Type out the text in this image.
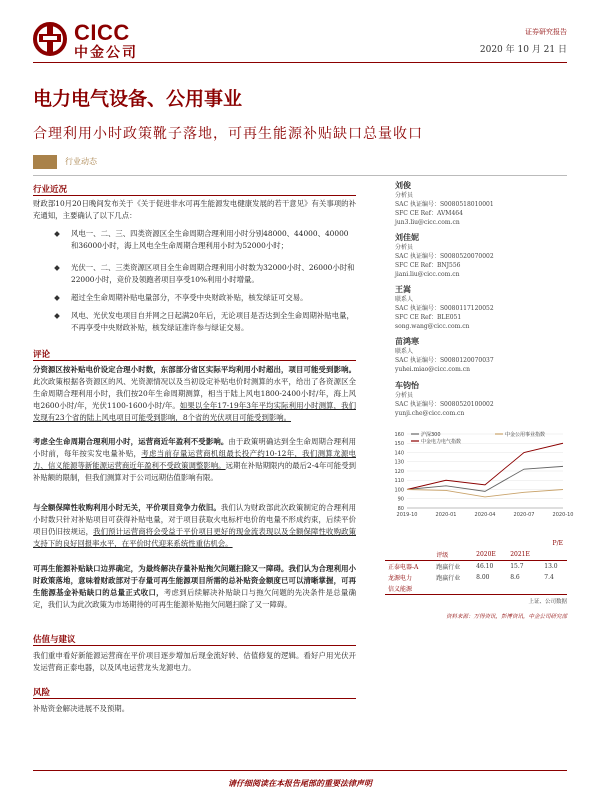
CICC
中金公司
证券研究报告
2020 年 10 月 21 日
电力电气设备、公用事业
合理利用小时政策靴子落地，可再生能源补贴缺口总量收口
行业动态
行业近况
财政部10月20日晚间发布关于《关于促进非水可再生能源发电健康发展的若干意见》有关事项的补充通知，主要确认了以下几点：
风电一、二、三、四类资源区全生命周期合理利用小时分别48000、44000、40000和36000小时，海上风电全生命周期合理利用小时为52000小时；
光伏一、二、三类资源区项目全生命周期合理利用小时数为32000小时、26000小时和22000小时，竞价及领跑者项目享受10%利用小时增量。
超过全生命周期补贴电量部分，不享受中央财政补贴，核发绿证可交易。
风电、光伏发电项目自并网之日起满20年后，无论项目是否达到全生命周期补贴电量，不再享受中央财政补贴，核发绿证准许参与绿证交易。
评论
分资源区按补贴电价设定合理小时数，东部部分省区实际平均利用小时超出，项目可能受到影响。此次政策根据各资源区的风、光资源情况以及当初设定补贴电价时测算的水平，给出了各资源区全生命周期合理利用小时，我们按20年生命周期测算，相当于陆上风电1800-2400小时/年，海上风电2600小时/年，光伏1100-1600小时/年。如果以全年17-19年3年平均实际利用小时测算，我们发现有23个省的陆上风电项目可能受到影响，8个省的光伏项目可能受到影响。
考虑全生命周期合理利用小时，运营商近年盈利不受影响。由于政策明确达到全生命周期合理利用小时前，每年按实发电量补贴，考虑当前存量运营商机组最长投产约10-12年，我们测算龙源电力、信义能源等新能源运营商近年盈利不受政策调整影响。远期在补贴期限内的最后2-4年可能受到补贴额的限制，但我们测算对于公司远期估值影响有限。
与全额保障性收购利用小时无关，平价项目竞争力依旧。我们认为财政部此次政策制定的合理利用小时数只针对补贴项目可获得补贴电量，对于项目获取火电标杆电价的电量不形成约束，后续平价项目仍旧按规运，我们预计运营商将会受益于平价项目更好的现金流表现以及全额保障性收购政策支持下的良好回报率水平，在平价时代迎来系统性重估机会。
可再生能源补贴缺口边界确定，为最终解决存量补贴拖欠问题扫除又一障碍。我们认为合理利用小时政策落地，意味着财政部对于存量可再生能源项目所需的总补贴资金额度已可以清晰掌握，可再生能源基金补贴缺口的总量正式收口，考虑到后续解决补贴缺口与拖欠问题的先决条件是总量确定，我们认为此次政策为市场期待的可再生能源补贴拖欠问题扫除了又一障碍。
估值与建议
我们重申看好新能源运营商在平价项目逐步增加后现金流好转、估值修复的逻辑。看好户用光伏开发运营商正泰电器，以及风电运营龙头龙源电力。
风险
补贴资金解决进展不及预期。
刘俊
分析员
SAC 执证编号：S0080518010001
SFC CE Ref：AVM464
jun3.liu@cicc.com.cn
刘佳妮
分析员
SAC 执证编号：S0080520070002
SFC CE Ref：BNJ556
jiani.liu@cicc.com.cn
王嵩
联系人
SAC 执证编号：S0080117120052
SFC CE Ref：BLE051
song.wang@cicc.com.cn
苗鸿寒
联系人
SAC 执证编号：S0080120070037
yuhei.miao@cicc.com.cn
车钧怡
分析员
SAC 执证编号：S0080520100002
yunji.che@cicc.com.cn
160
150
140
130
120
110
100
90
80
2019-10	2020-01	2020-04	2020-07	2020-10
沪深300
中金电力电气指数
中金公用事业指数
P/E
	评级	2020E	2021E	
正泰电器-A	跑赢行业	46.10	15.7	13.0
龙源电力	跑赢行业	8.00	8.6	7.4
信义能源				
上证、公司数据
资料来源：万得资讯，彭博资讯，中金公司研究部
请仔细阅读在本报告尾部的重要法律声明
